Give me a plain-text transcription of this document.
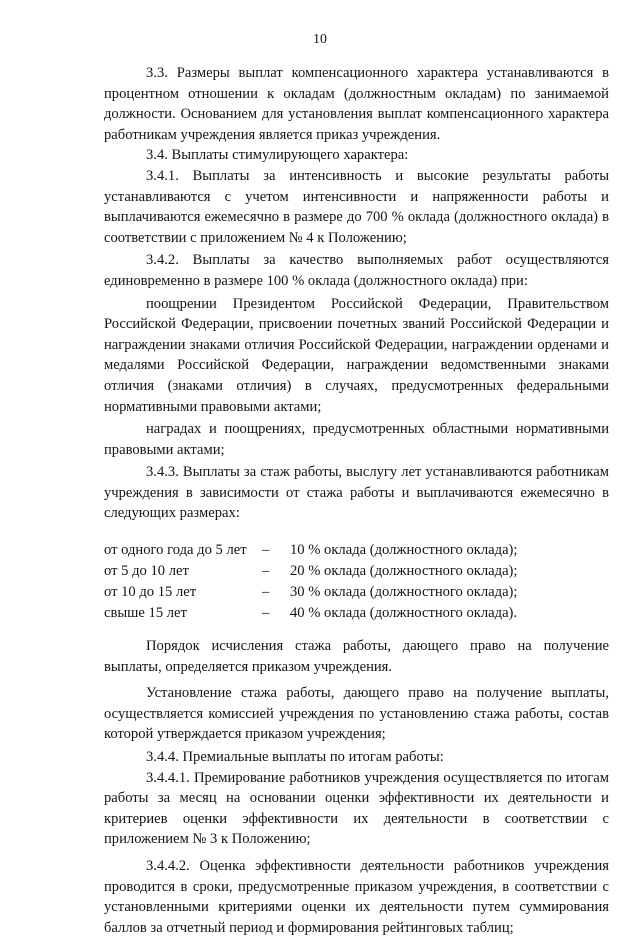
10

3.3. Размеры выплат компенсационного характера устанавливаются в процентном отношении к окладам (должностным окладам) по занимаемой должности. Основанием для установления выплат компенсационного характера работникам учреждения является приказ учреждения.

3.4. Выплаты стимулирующего характера:

3.4.1. Выплаты за интенсивность и высокие результаты работы устанавливаются с учетом интенсивности и напряженности работы и выплачиваются ежемесячно в размере до 700 % оклада (должностного оклада) в соответствии с приложением № 4 к Положению;

3.4.2. Выплаты за качество выполняемых работ осуществляются единовременно в размере 100 % оклада (должностного оклада) при:

поощрении Президентом Российской Федерации, Правительством Российской Федерации, присвоении почетных званий Российской Федерации и награждении знаками отличия Российской Федерации, награждении орденами и медалями Российской Федерации, награждении ведомственными знаками отличия (знаками отличия) в случаях, предусмотренных федеральными нормативными правовыми актами;

наградах и поощрениях, предусмотренных областными нормативными правовыми актами;

3.4.3. Выплаты за стаж работы, выслугу лет устанавливаются работникам учреждения в зависимости от стажа работы и выплачиваются ежемесячно в следующих размерах:

от одного года до 5 лет	–	10 % оклада (должностного оклада);
от 5 до 10 лет	–	20 % оклада (должностного оклада);
от 10 до 15 лет	–	30 % оклада (должностного оклада);
свыше 15 лет	–	40 % оклада (должностного оклада).

Порядок исчисления стажа работы, дающего право на получение выплаты, определяется приказом учреждения.

Установление стажа работы, дающего право на получение выплаты, осуществляется комиссией учреждения по установлению стажа работы, состав которой утверждается приказом учреждения;

3.4.4. Премиальные выплаты по итогам работы:

3.4.4.1. Премирование работников учреждения осуществляется по итогам работы за месяц на основании оценки эффективности их деятельности и критериев оценки эффективности их деятельности в соответствии с приложением № 3 к Положению;

3.4.4.2. Оценка эффективности деятельности работников учреждения проводится в сроки, предусмотренные приказом учреждения, в соответствии с установленными критериями оценки их деятельности путем суммирования баллов за отчетный период и формирования рейтинговых таблиц;
